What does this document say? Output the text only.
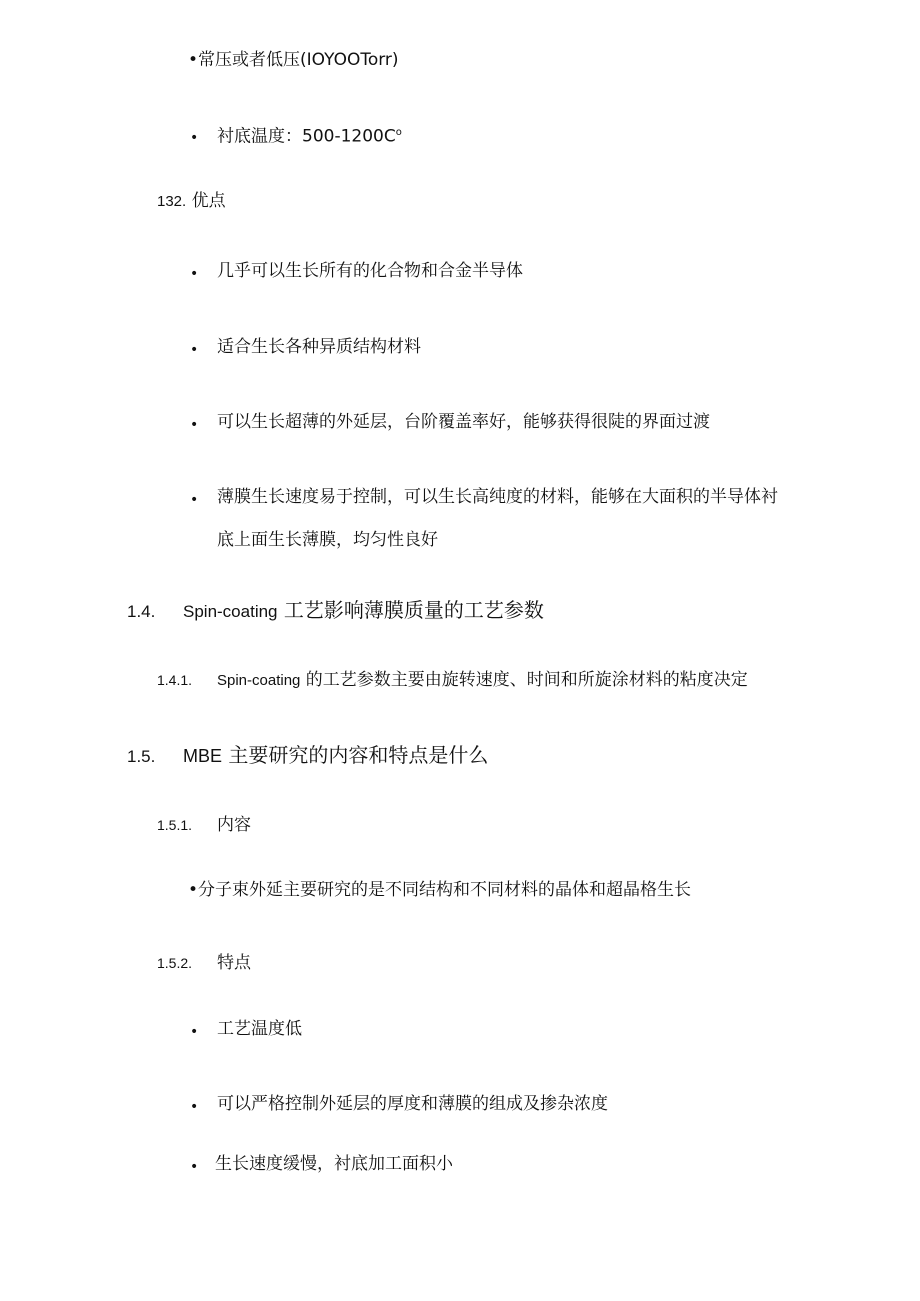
•常压或者低压(IOYOOTorr)
• 衬底温度：$500-1200C^o$
132. 优点
• 几乎可以生长所有的化合物和合金半导体
• 适合生长各种异质结构材料
• 可以生长超薄的外延层，台阶覆盖率好，能够获得很陡的界面过渡
• 薄膜生长速度易于控制，可以生长高纯度的材料，能够在大面积的半导体衬
底上面生长薄膜，均匀性良好
1.4. Spin-coating 工艺影响薄膜质量的工艺参数
1.4.1. Spin-coating 的工艺参数主要由旋转速度、时间和所旋涂材料的粘度决定
1.5. MBE 主要研究的内容和特点是什么
1.5.1. 内容
•分子束外延主要研究的是不同结构和不同材料的晶体和超晶格生长
1.5.2. 特点
• 工艺温度低
• 可以严格控制外延层的厚度和薄膜的组成及掺杂浓度
• 生长速度缓慢，衬底加工面积小
